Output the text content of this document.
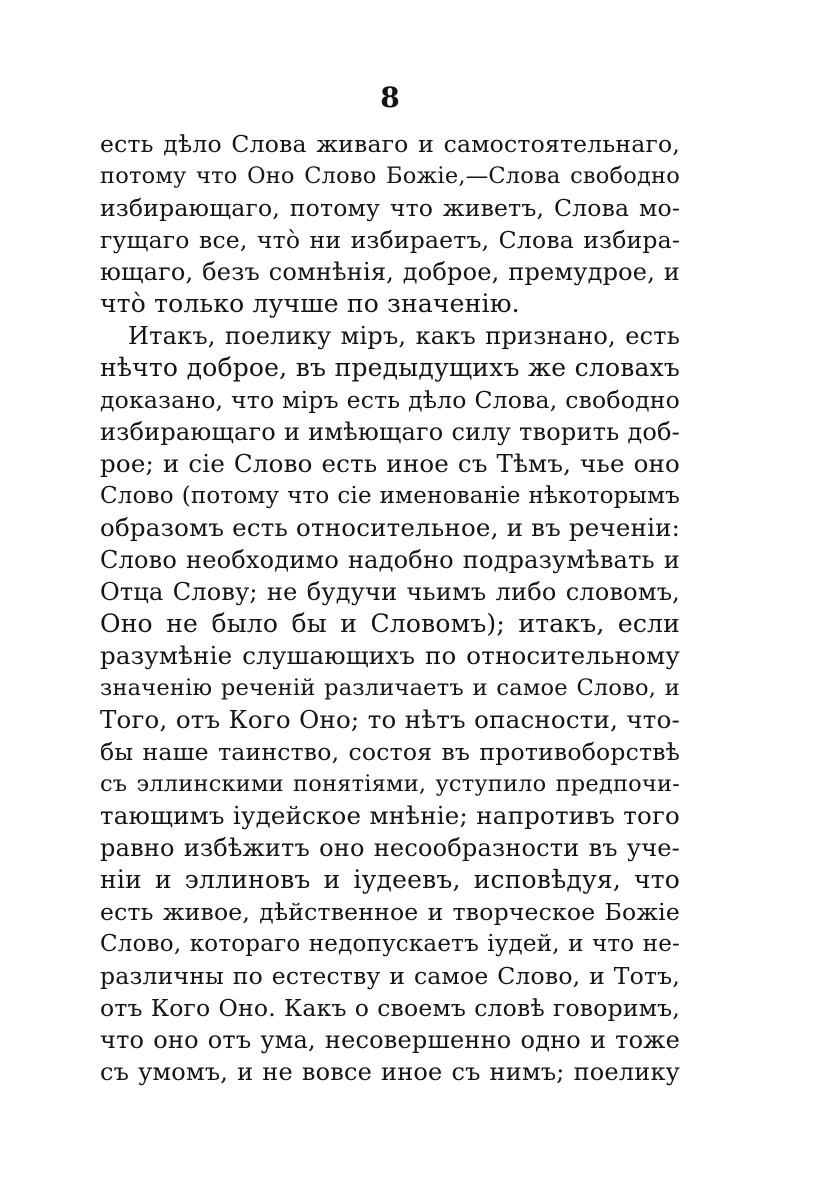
8
есть дѣло Слова живаго и самостоятельнаго,
потому что Оно Слово Божіе,—Слова свободно
избирающаго, потому что живетъ, Слова мо-
гущаго все, чтò ни избираетъ, Слова избира-
ющаго, безъ сомнѣнія, доброе, премудрое, и
чтò только лучше по значенію.
Итакъ, поелику міръ, какъ признано, есть
нѣчто доброе, въ предыдущихъ же словахъ
доказано, что міръ есть дѣло Слова, свободно
избирающаго и имѣющаго силу творить доб-
рое; и сіе Слово есть иное съ Тѣмъ, чье оно
Слово (потому что сіе именованіе нѣкоторымъ
образомъ есть относительное, и въ реченіи:
Слово необходимо надобно подразумѣвать и
Отца Слову; не будучи чьимъ либо словомъ,
Оно не было бы и Словомъ); итакъ, если
разумѣніе слушающихъ по относительному
значенію реченій различаетъ и самое Слово, и
Того, отъ Кого Оно; то нѣтъ опасности, что-
бы наше таинство, состоя въ противоборствѣ
съ эллинскими понятіями, уступило предпочи-
тающимъ іудейское мнѣніе; напротивъ того
равно избѣжитъ оно несообразности въ уче-
ніи и эллиновъ и іудеевъ, исповѣдуя, что
есть живое, дѣйственное и творческое Божіе
Слово, котораго недопускаетъ іудей, и что не-
различны по естеству и самое Слово, и Тотъ,
отъ Кого Оно. Какъ о своемъ словѣ говоримъ,
что оно отъ ума, несовершенно одно и тоже
съ умомъ, и не вовсе иное съ нимъ; поелику
